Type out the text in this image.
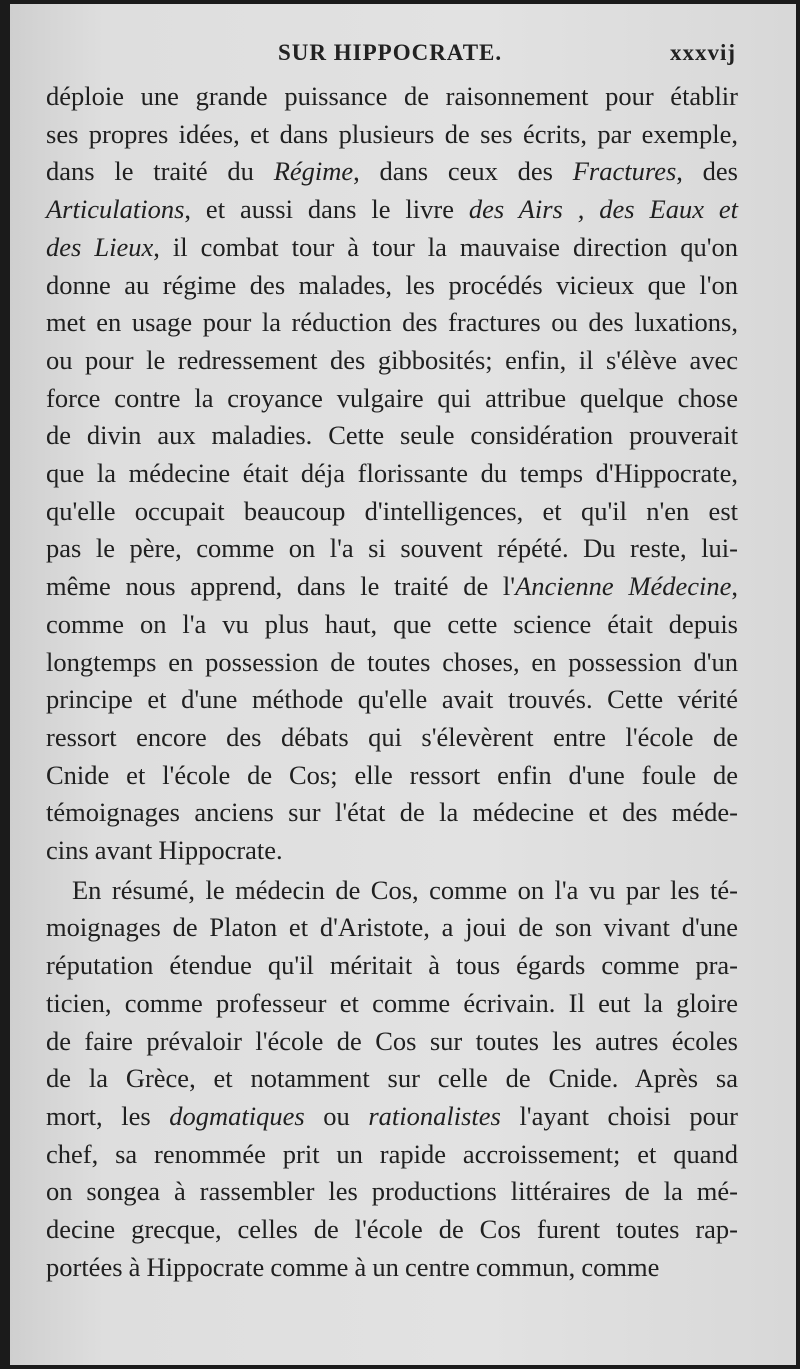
SUR HIPPOCRATE.	xxxvij

déploie une grande puissance de raisonnement pour établir
ses propres idées, et dans plusieurs de ses écrits, par exemple,
dans le traité du Régime, dans ceux des Fractures, des
Articulations, et aussi dans le livre des Airs , des Eaux et
des Lieux, il combat tour à tour la mauvaise direction qu'on
donne au régime des malades, les procédés vicieux que l'on
met en usage pour la réduction des fractures ou des luxations,
ou pour le redressement des gibbosités; enfin, il s'élève avec
force contre la croyance vulgaire qui attribue quelque chose
de divin aux maladies. Cette seule considération prouverait
que la médecine était déja florissante du temps d'Hippocrate,
qu'elle occupait beaucoup d'intelligences, et qu'il n'en est
pas le père, comme on l'a si souvent répété. Du reste, lui-
même nous apprend, dans le traité de l'Ancienne Médecine,
comme on l'a vu plus haut, que cette science était depuis
longtemps en possession de toutes choses, en possession d'un
principe et d'une méthode qu'elle avait trouvés. Cette vérité
ressort encore des débats qui s'élevèrent entre l'école de
Cnide et l'école de Cos; elle ressort enfin d'une foule de
témoignages anciens sur l'état de la médecine et des méde-
cins avant Hippocrate.

En résumé, le médecin de Cos, comme on l'a vu par les té-
moignages de Platon et d'Aristote, a joui de son vivant d'une
réputation étendue qu'il méritait à tous égards comme pra-
ticien, comme professeur et comme écrivain. Il eut la gloire
de faire prévaloir l'école de Cos sur toutes les autres écoles
de la Grèce, et notamment sur celle de Cnide. Après sa
mort, les dogmatiques ou rationalistes l'ayant choisi pour
chef, sa renommée prit un rapide accroissement; et quand
on songea à rassembler les productions littéraires de la mé-
decine grecque, celles de l'école de Cos furent toutes rap-
portées à Hippocrate comme à un centre commun, comme
